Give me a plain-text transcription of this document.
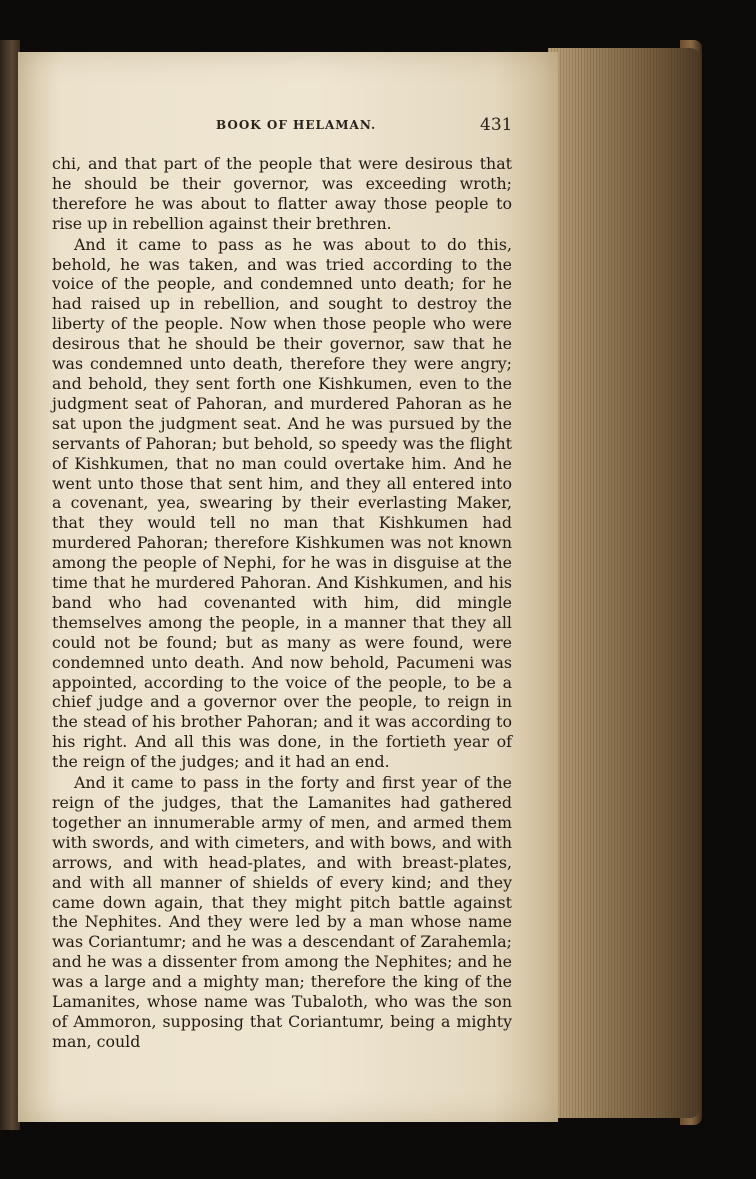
BOOK OF HELAMAN.	431

chi, and that part of the people that were desirous that he should be their governor, was exceeding wroth; therefore he was about to flatter away those people to rise up in rebellion against their brethren.

And it came to pass as he was about to do this, behold, he was taken, and was tried according to the voice of the people, and condemned unto death; for he had raised up in rebellion, and sought to destroy the liberty of the people. Now when those people who were desirous that he should be their governor, saw that he was condemned unto death, therefore they were angry; and behold, they sent forth one Kishkumen, even to the judgment seat of Pahoran, and murdered Pahoran as he sat upon the judgment seat. And he was pursued by the servants of Pahoran; but behold, so speedy was the flight of Kishkumen, that no man could overtake him. And he went unto those that sent him, and they all entered into a covenant, yea, swearing by their everlasting Maker, that they would tell no man that Kishkumen had murdered Pahoran; therefore Kishkumen was not known among the people of Nephi, for he was in disguise at the time that he murdered Pahoran. And Kishkumen, and his band who had covenanted with him, did mingle themselves among the people, in a manner that they all could not be found; but as many as were found, were condemned unto death. And now behold, Pacumeni was appointed, according to the voice of the people, to be a chief judge and a governor over the people, to reign in the stead of his brother Pahoran; and it was according to his right. And all this was done, in the fortieth year of the reign of the judges; and it had an end.

And it came to pass in the forty and first year of the reign of the judges, that the Lamanites had gathered together an innumerable army of men, and armed them with swords, and with cimeters, and with bows, and with arrows, and with head-plates, and with breast-plates, and with all manner of shields of every kind; and they came down again, that they might pitch battle against the Nephites. And they were led by a man whose name was Coriantumr; and he was a descendant of Zarahemla; and he was a dissenter from among the Nephites; and he was a large and a mighty man; therefore the king of the Lamanites, whose name was Tubaloth, who was the son of Ammoron, supposing that Coriantumr, being a mighty man, could
